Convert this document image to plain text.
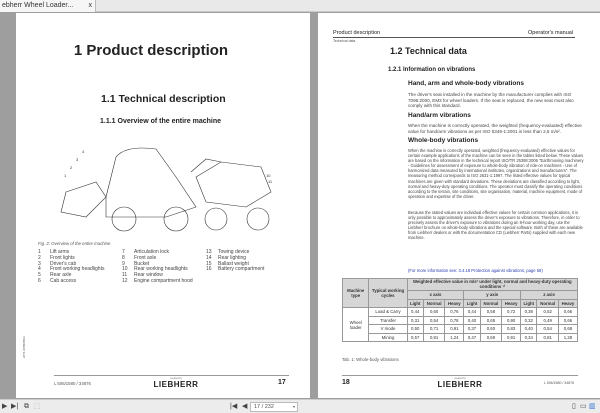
ebherr Wheel Loader... x
1 Product description
1.1 Technical description
1.1.1 Overview of the entire machine
4
3
2
1	10
11
Fig. 2: Overview of the entire machine
1 Lift arms
2 Front lights
3 Driver's cab
4 Front working headlights
5 Rear axle
6 Cab access
7 Articulation lock
8 Front axle
9 Bucket
10 Rear working headlights
11 Rear window
12 Engine compartment hood
13 Towing device
14 Rear lighting
15 Ballast weight
16 Battery compartment
2671 0058/0503
L 506/1580 / 34876
created by
LIEBHERR	17
Product description	Operator's manual
Technical data
1.2 Technical data
1.2.1 Information on vibrations
Hand, arm and whole-body vibrations
The driver's seat installed in the machine by the manufacturer complies with ISO 7096:2000, EM3 for wheel loaders. If the seat is replaced, the new seat must also comply with this standard.
Hand/arm vibrations
When the machine is correctly operated, the weighted (frequency-evaluated) effective value for hand/arm vibrations as per ISO 5349-1:2001 is less than 2,5 m/s².
Whole-body vibrations
When the machine is correctly operated, weighted (frequency-evaluated) effective values for certain example applications of the machine can be seen in the tables listed below. These values are based on the information in the technical report ISO/TR 25398:2006 "Earthmoving machinery - Guidelines for assessment of exposure to whole-body vibration of ride-on machines - Use of harmonized data measured by international institutes, organizations and manufacturers". The measuring method corresponds to ISO 2631-1:1997. The listed effective values for typical machines are given with standard deviations. These deviations are classified according to light, normal and heavy-duty operating conditions. The operator must classify the operating conditions according to the terrain, site conditions, site organisation, material, machine equipment, mode of operation and expertise of the driver.
Because the stated values are individual effective values for certain common applications, it is only possible to approximately assess the driver's exposure to vibrations. Therefore, in order to precisely assess the driver's exposure to vibrations during an 8-hour working day, use the Liebherr brochure on whole-body vibrations and the special software. Both of these are available from Liebherr dealers or with the documentation CD (Liebherr Parts) supplied with each new machine.
(For more information see: 3.4.18 Protection against vibrations, page 58)
Machine type	Typical working cycles	Weighted effective value in m/s² under light, normal and heavy-duty operating conditions ¹⁾								
		x axis			y axis			z axis		
		Light	Normal	Heavy	Light	Normal	Heavy	Light	Normal	Heavy
Wheel loader	Load & Carry	0,44	0,60	0,76	0,44	0,58	0,72	0,38	0,52	0,66
	Transfer	0,31	0,54	0,78	0,40	0,65	0,90	0,32	0,49	0,66
	V mode	0,50	0,71	0,91	0,37	0,60	0,83	0,40	0,54	0,68
	Mining	0,57	0,91	1,24	0,47	0,69	0,91	0,34	0,81	1,28
Tab. 1: Whole-body vibrations
18
created by
LIEBHERR	L 506/1580 / 34876
▶ ▶| ⧉ ⬚	|◀ ◀	17 / 232	▾	▯ ▭ ▥
